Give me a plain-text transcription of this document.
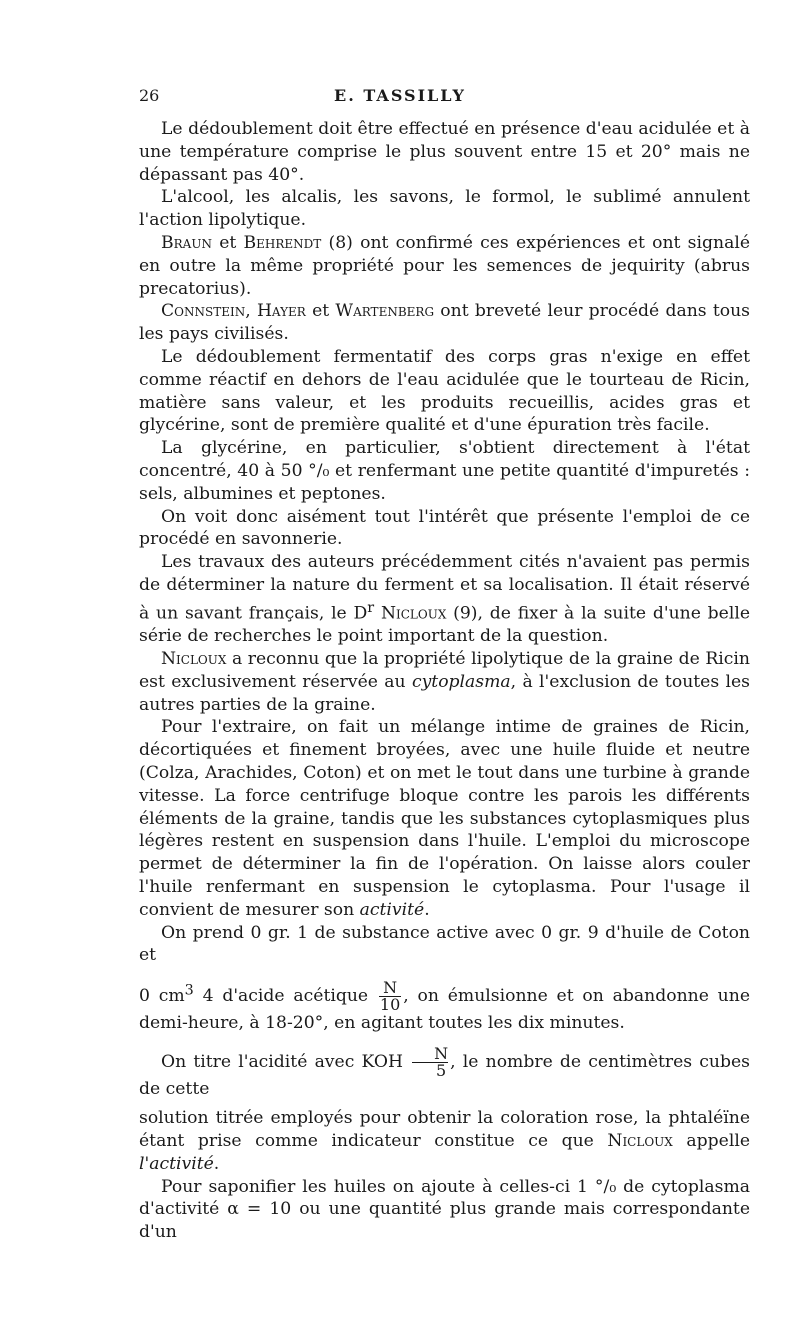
26	E. TASSILLY

Le dédoublement doit être effectué en présence d'eau acidulée et à une température comprise le plus souvent entre 15 et 20° mais ne dépassant pas 40°.

L'alcool, les alcalis, les savons, le formol, le sublimé annulent l'action lipolytique.

Braun et Behrendt (8) ont confirmé ces expériences et ont signalé en outre la même propriété pour les semences de jequirity (abrus precatorius).

Connstein, Hayer et Wartenberg ont breveté leur procédé dans tous les pays civilisés.

Le dédoublement fermentatif des corps gras n'exige en effet comme réactif en dehors de l'eau acidulée que le tourteau de Ricin, matière sans valeur, et les produits recueillis, acides gras et glycérine, sont de première qualité et d'une épuration très facile.

La glycérine, en particulier, s'obtient directement à l'état concentré, 40 à 50 °/₀ et renfermant une petite quantité d'impuretés : sels, albumines et peptones.

On voit donc aisément tout l'intérêt que présente l'emploi de ce procédé en savonnerie.

Les travaux des auteurs précédemment cités n'avaient pas permis de déterminer la nature du ferment et sa localisation. Il était réservé à un savant français, le $D^r$ Nicloux (9), de fixer à la suite d'une belle série de recherches le point important de la question.

Nicloux a reconnu que la propriété lipolytique de la graine de Ricin est exclusivement réservée au cytoplasma, à l'exclusion de toutes les autres parties de la graine.

Pour l'extraire, on fait un mélange intime de graines de Ricin, décortiquées et finement broyées, avec une huile fluide et neutre (Colza, Arachides, Coton) et on met le tout dans une turbine à grande vitesse. La force centrifuge bloque contre les parois les différents éléments de la graine, tandis que les substances cytoplasmiques plus légères restent en suspension dans l'huile. L'emploi du microscope permet de déterminer la fin de l'opération. On laisse alors couler l'huile renfermant en suspension le cytoplasma. Pour l'usage il convient de mesurer son activité.

On prend 0 gr. 1 de substance active avec 0 gr. 9 d'huile de Coton et

0 $cm^3$ 4 d'acide acétique $\frac{N}{10}$ , on émulsionne et on abandonne une demi-heure, à 18-20°, en agitant toutes les dix minutes.

On titre l'acidité avec KOH $\frac{N}{5}$ , le nombre de centimètres cubes de cette

solution titrée employés pour obtenir la coloration rose, la phtaléïne étant prise comme indicateur constitue ce que Nicloux appelle l'activité.

Pour saponifier les huiles on ajoute à celles-ci 1 °/₀ de cytoplasma d'activité α = 10 ou une quantité plus grande mais correspondante d'un
